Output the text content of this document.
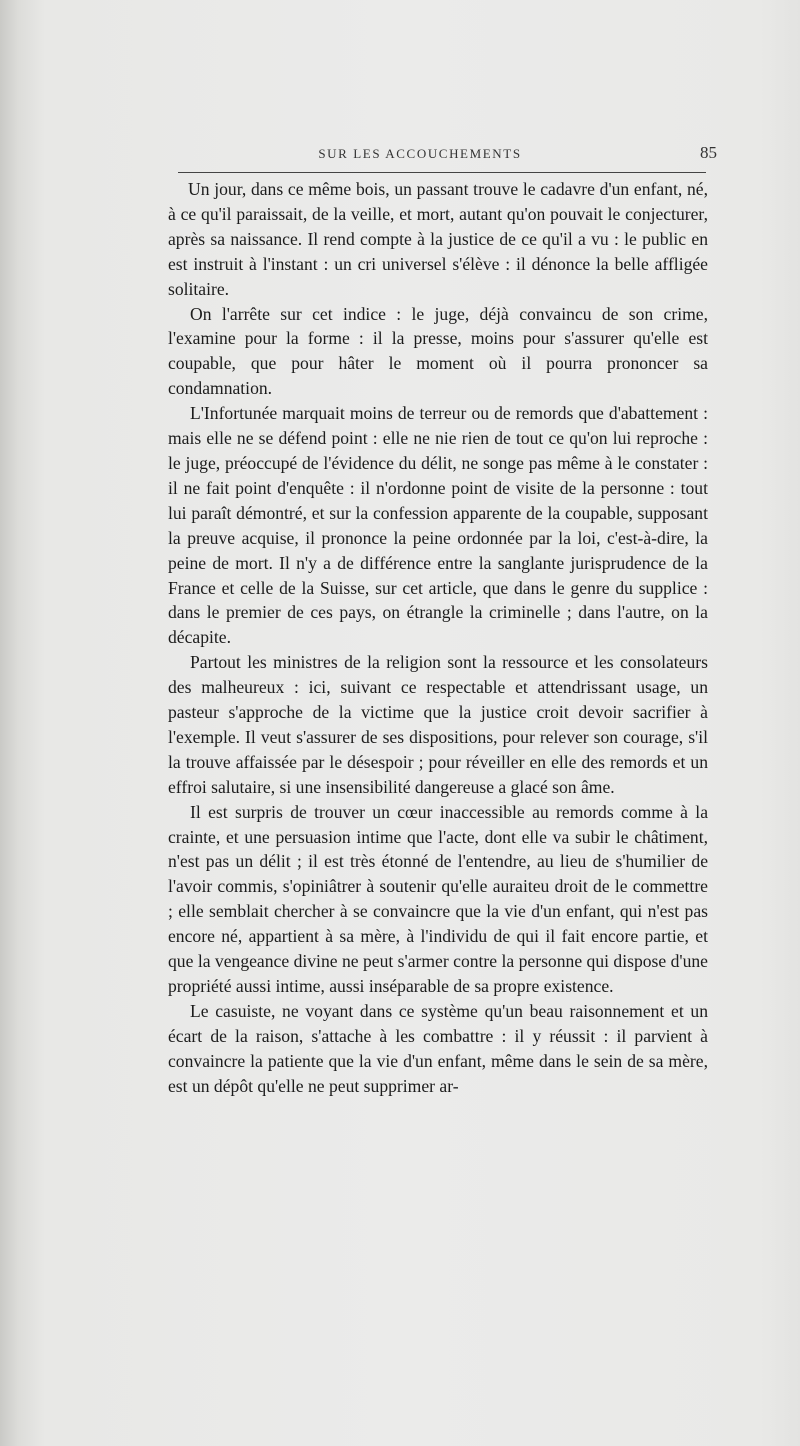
SUR LES ACCOUCHEMENTS	85

Un jour, dans ce même bois, un passant trouve le cadavre d'un enfant, né, à ce qu'il paraissait, de la veille, et mort, autant qu'on pouvait le conjecturer, après sa naissance. Il rend compte à la justice de ce qu'il a vu : le public en est instruit à l'instant : un cri universel s'élève : il dénonce la belle affligée solitaire.

On l'arrête sur cet indice : le juge, déjà convaincu de son crime, l'examine pour la forme : il la presse, moins pour s'assurer qu'elle est coupable, que pour hâter le moment où il pourra prononcer sa condamnation.

L'Infortunée marquait moins de terreur ou de remords que d'abattement : mais elle ne se défend point : elle ne nie rien de tout ce qu'on lui reproche : le juge, préoccupé de l'évidence du délit, ne songe pas même à le constater : il ne fait point d'enquête : il n'ordonne point de visite de la personne : tout lui paraît démontré, et sur la confession apparente de la coupable, supposant la preuve acquise, il prononce la peine ordonnée par la loi, c'est-à-dire, la peine de mort. Il n'y a de différence entre la sanglante jurisprudence de la France et celle de la Suisse, sur cet article, que dans le genre du supplice : dans le premier de ces pays, on étrangle la criminelle ; dans l'autre, on la décapite.

Partout les ministres de la religion sont la ressource et les consolateurs des malheureux : ici, suivant ce respectable et attendrissant usage, un pasteur s'approche de la victime que la justice croit devoir sacrifier à l'exemple. Il veut s'assurer de ses dispositions, pour relever son courage, s'il la trouve affaissée par le désespoir ; pour réveiller en elle des remords et un effroi salutaire, si une insensibilité dangereuse a glacé son âme.

Il est surpris de trouver un cœur inaccessible au remords comme à la crainte, et une persuasion intime que l'acte, dont elle va subir le châtiment, n'est pas un délit ; il est très étonné de l'entendre, au lieu de s'humilier de l'avoir commis, s'opiniâtrer à soutenir qu'elle auraiteu droit de le commettre ; elle semblait chercher à se convaincre que la vie d'un enfant, qui n'est pas encore né, appartient à sa mère, à l'individu de qui il fait encore partie, et que la vengeance divine ne peut s'armer contre la personne qui dispose d'une propriété aussi intime, aussi inséparable de sa propre existence.

Le casuiste, ne voyant dans ce système qu'un beau raisonnement et un écart de la raison, s'attache à les combattre : il y réussit : il parvient à convaincre la patiente que la vie d'un enfant, même dans le sein de sa mère, est un dépôt qu'elle ne peut supprimer ar-
